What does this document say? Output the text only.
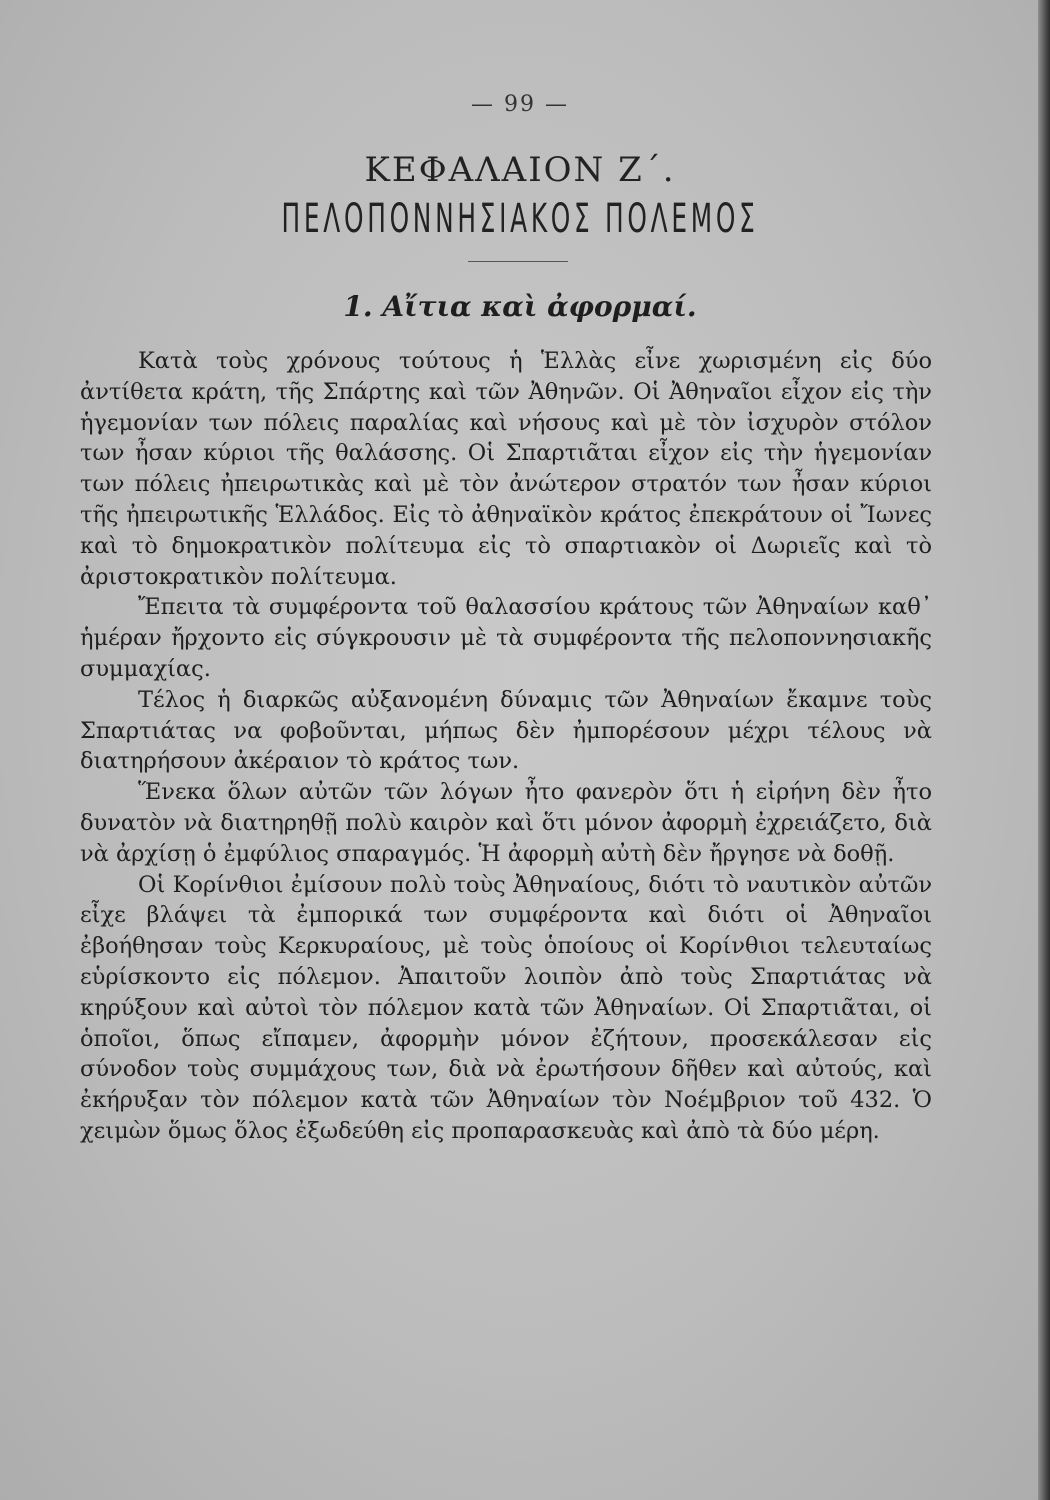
— 99 —
ΚΕΦΑΛΑΙΟΝ Ζ΄.
ΠΕΛΟΠΟΝΝΗΣΙΑΚΟΣ ΠΟΛΕΜΟΣ
1. Αἴτια καὶ ἀφορμαί.

Κατὰ τοὺς χρόνους τούτους ἡ Ἑλλὰς εἶνε χωρισμένη εἰς δύο ἀντίθετα κράτη, τῆς Σπάρτης καὶ τῶν Ἀθηνῶν. Οἱ Ἀθηναῖοι εἶχον εἰς τὴν ἡγεμονίαν των πόλεις παραλίας καὶ νήσους καὶ μὲ τὸν ἰσχυρὸν στόλον των ἦσαν κύριοι τῆς θαλάσσης. Οἱ Σπαρτιᾶται εἶχον εἰς τὴν ἡγεμονίαν των πόλεις ἠπειρωτικὰς καὶ μὲ τὸν ἀνώτερον στρατόν των ἦσαν κύριοι τῆς ἠπειρωτικῆς Ἑλλάδος. Εἰς τὸ ἀθηναϊκὸν κράτος ἐπεκράτουν οἱ Ἴωνες καὶ τὸ δημοκρατικὸν πολίτευμα εἰς τὸ σπαρτιακὸν οἱ Δωριεῖς καὶ τὸ ἀριστοκρατικὸν πολίτευμα.

Ἔπειτα τὰ συμφέροντα τοῦ θαλασσίου κράτους τῶν Ἀθηναίων καθ᾽ ἡμέραν ἤρχοντο εἰς σύγκρουσιν μὲ τὰ συμφέροντα τῆς πελοποννησιακῆς συμμαχίας.

Τέλος ἡ διαρκῶς αὐξανομένη δύναμις τῶν Ἀθηναίων ἔκαμνε τοὺς Σπαρτιάτας να φοβοῦνται, μήπως δὲν ἠμπορέσουν μέχρι τέλους νὰ διατηρήσουν ἀκέραιον τὸ κράτος των.

Ἕνεκα ὅλων αὐτῶν τῶν λόγων ἦτο φανερὸν ὅτι ἡ εἰρήνη δὲν ἦτο δυνατὸν νὰ διατηρηθῇ πολὺ καιρὸν καὶ ὅτι μόνον ἀφορμὴ ἐχρειάζετο, διὰ νὰ ἀρχίσῃ ὁ ἐμφύλιος σπαραγμός. Ἡ ἀφορμὴ αὐτὴ δὲν ἤργησε νὰ δοθῇ.

Οἱ Κορίνθιοι ἐμίσουν πολὺ τοὺς Ἀθηναίους, διότι τὸ ναυτικὸν αὐτῶν εἶχε βλάψει τὰ ἐμπορικά των συμφέροντα καὶ διότι οἱ Ἀθηναῖοι ἐβοήθησαν τοὺς Κερκυραίους, μὲ τοὺς ὁποίους οἱ Κορίνθιοι τελευταίως εὑρίσκοντο εἰς πόλεμον. Ἀπαιτοῦν λοιπὸν ἀπὸ τοὺς Σπαρτιάτας νὰ κηρύξουν καὶ αὐτοὶ τὸν πόλεμον κατὰ τῶν Ἀθηναίων. Οἱ Σπαρτιᾶται, οἱ ὁποῖοι, ὅπως εἴπαμεν, ἀφορμὴν μόνον ἐζήτουν, προσεκάλεσαν εἰς σύνοδον τοὺς συμμάχους των, διὰ νὰ ἐρωτήσουν δῆθεν καὶ αὐτούς, καὶ ἐκήρυξαν τὸν πόλεμον κατὰ τῶν Ἀθηναίων τὸν Νοέμβριον τοῦ 432. Ὁ χειμὼν ὅμως ὅλος ἐξωδεύθη εἰς προπαρασκευὰς καὶ ἀπὸ τὰ δύο μέρη.
